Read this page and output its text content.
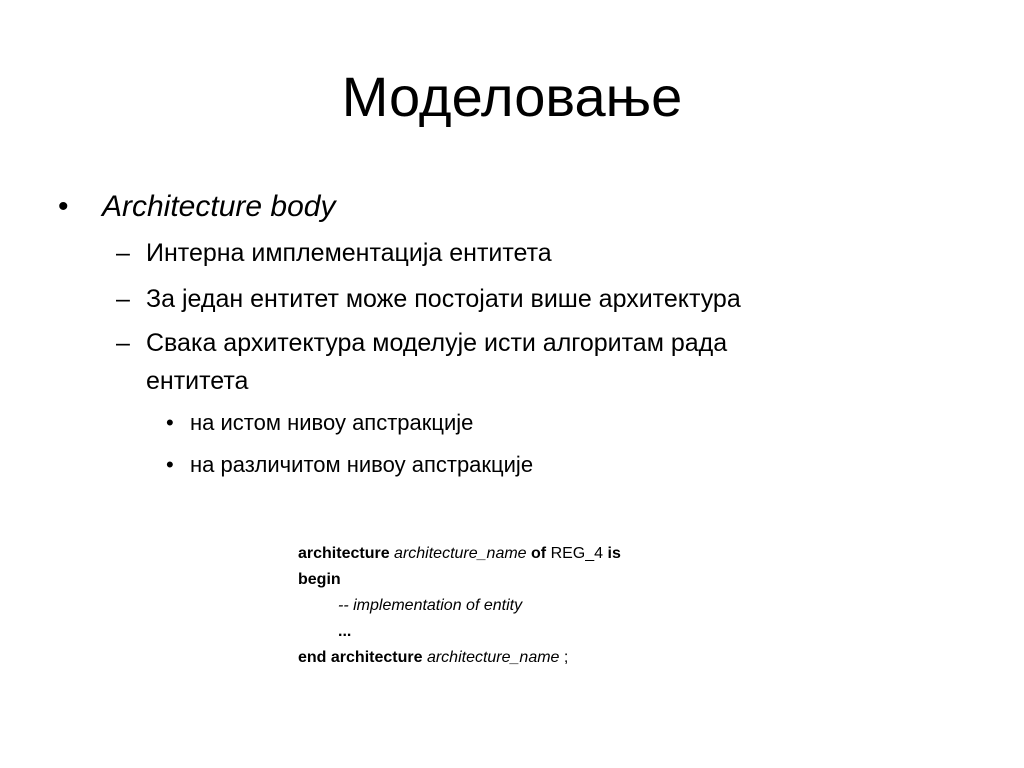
Моделовање
• Architecture body
– Интерна имплементација ентитета
– За један ентитет може постојати више архитектура
– Свака архитектура моделује исти алгоритам рада
ентитета
• на истом нивоу апстракције
• на различитом нивоу апстракције
architecture architecture_name of REG_4 is
begin
-- implementation of entity
...
end architecture architecture_name ;
